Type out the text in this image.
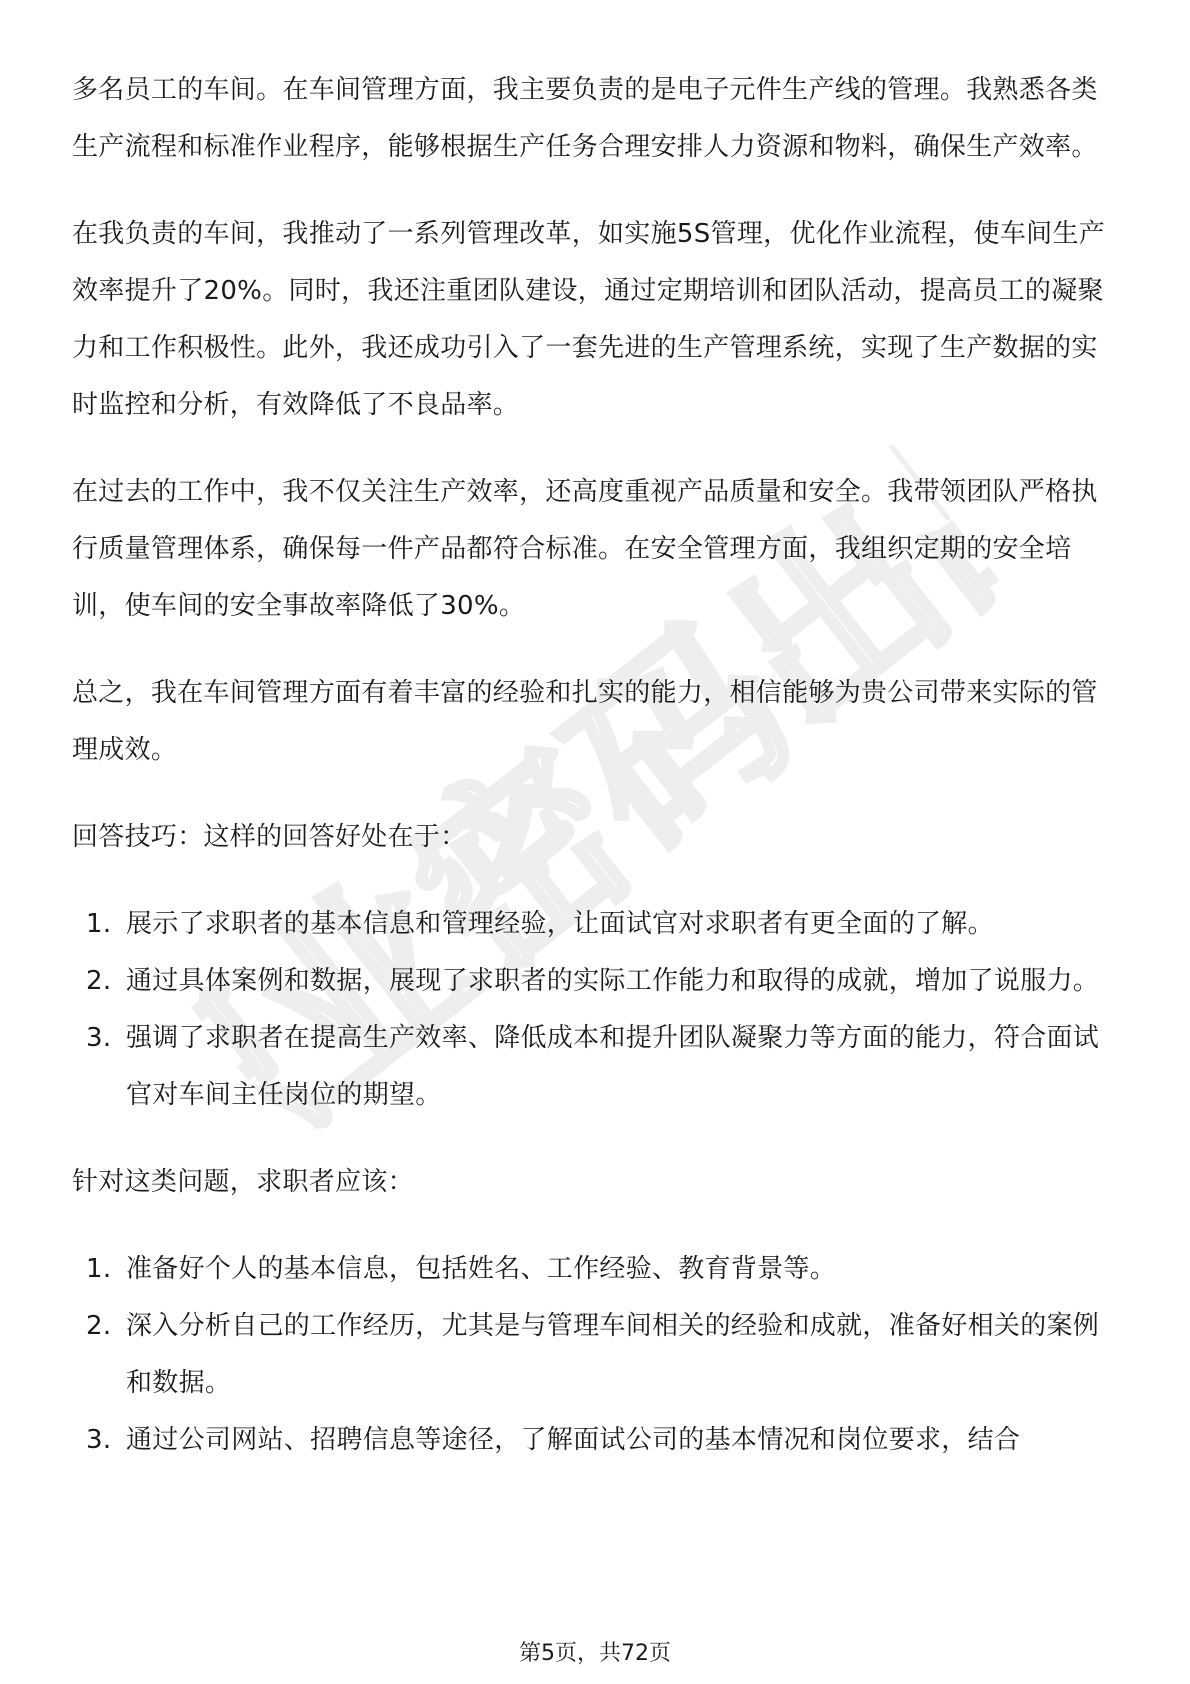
职业密码出品

多名员工的车间。在车间管理方面，我主要负责的是电子元件生产线的管理。我熟悉各类生产流程和标准作业程序，能够根据生产任务合理安排人力资源和物料，确保生产效率。

在我负责的车间，我推动了一系列管理改革，如实施5S管理，优化作业流程，使车间生产效率提升了20%。同时，我还注重团队建设，通过定期培训和团队活动，提高员工的凝聚力和工作积极性。此外，我还成功引入了一套先进的生产管理系统，实现了生产数据的实时监控和分析，有效降低了不良品率。

在过去的工作中，我不仅关注生产效率，还高度重视产品质量和安全。我带领团队严格执行质量管理体系，确保每一件产品都符合标准。在安全管理方面，我组织定期的安全培训，使车间的安全事故率降低了30%。

总之，我在车间管理方面有着丰富的经验和扎实的能力，相信能够为贵公司带来实际的管理成效。

回答技巧：这样的回答好处在于：

1. 展示了求职者的基本信息和管理经验，让面试官对求职者有更全面的了解。
2. 通过具体案例和数据，展现了求职者的实际工作能力和取得的成就，增加了说服力。
3. 强调了求职者在提高生产效率、降低成本和提升团队凝聚力等方面的能力，符合面试官对车间主任岗位的期望。

针对这类问题，求职者应该：

1. 准备好个人的基本信息，包括姓名、工作经验、教育背景等。
2. 深入分析自己的工作经历，尤其是与管理车间相关的经验和成就，准备好相关的案例和数据。
3. 通过公司网站、招聘信息等途径，了解面试公司的基本情况和岗位要求，结合
第5页，共72页
